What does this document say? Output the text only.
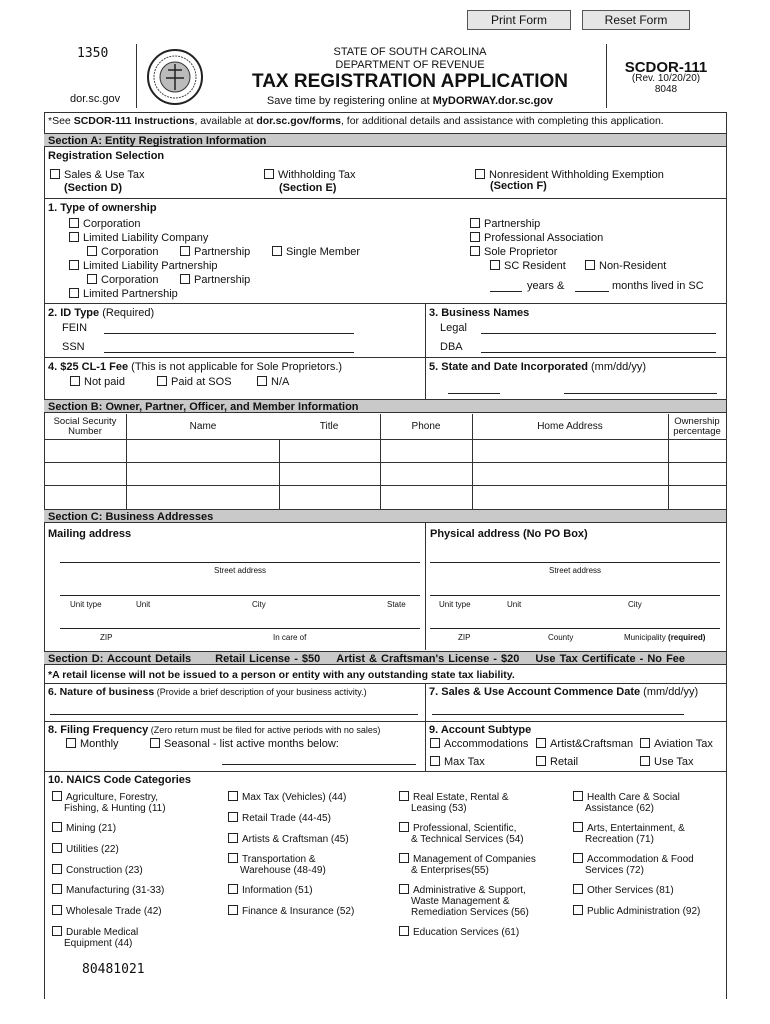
Print Form	Reset Form
1350
dor.sc.gov
STATE OF SOUTH CAROLINA
DEPARTMENT OF REVENUE
TAX REGISTRATION APPLICATION
Save time by registering online at MyDORWAY.dor.sc.gov
SCDOR-111
(Rev. 10/20/20)
8048
*See SCDOR-111 Instructions, available at dor.sc.gov/forms, for additional details and assistance with completing this application.
Section A: Entity Registration Information
Registration Selection
Sales & Use Tax
(Section D)
Withholding Tax
(Section E)
Nonresident Withholding Exemption
(Section F)
1. Type of ownership
Corporation
Limited Liability Company
Corporation	Partnership	Single Member
Limited Liability Partnership
Corporation	Partnership
Limited Partnership
Partnership
Professional Association
Sole Proprietor
SC Resident	Non-Resident
years &	months lived in SC
2. ID Type (Required)
FEIN
SSN
3. Business Names
Legal
DBA
4. $25 CL-1 Fee (This is not applicable for Sole Proprietors.)
Not paid	Paid at SOS	N/A
5. State and Date Incorporated (mm/dd/yy)
Section B: Owner, Partner, Officer, and Member Information
Social Security Number	Name	Title	Phone	Home Address	Ownership percentage
Section C: Business Addresses
Mailing address	Physical address (No PO Box)
Street address	Street address
Unit type	Unit	City	State	Unit type	Unit	City
ZIP	In care of	ZIP	County	Municipality (required)
Section D: Account Details Retail License - $50 Artist & Craftsman's License - $20 Use Tax Certificate - No Fee
*A retail license will not be issued to a person or entity with any outstanding state tax liability.
6. Nature of business (Provide a brief description of your business activity.)	7. Sales & Use Account Commence Date (mm/dd/yy)
8. Filing Frequency (Zero return must be filed for active periods with no sales)
Monthly	Seasonal - list active months below:
9. Account Subtype
Accommodations	Artist&Craftsman	Aviation Tax
Max Tax	Retail	Use Tax
10. NAICS Code Categories
Agriculture, Forestry,
Fishing, & Hunting (11)
Mining (21)
Utilities (22)
Construction (23)
Manufacturing (31-33)
Wholesale Trade (42)
Durable Medical
Equipment (44)
Max Tax (Vehicles) (44)
Retail Trade (44-45)
Artists & Craftsman (45)
Transportation &
Warehouse (48-49)
Information (51)
Finance & Insurance (52)
Real Estate, Rental &
Leasing (53)
Professional, Scientific,
& Technical Services (54)
Management of Companies
& Enterprises(55)
Administrative & Support,
Waste Management &
Remediation Services (56)
Education Services (61)
Health Care & Social
Assistance (62)
Arts, Entertainment, &
Recreation (71)
Accommodation & Food
Services (72)
Other Services (81)
Public Administration (92)
80481021
